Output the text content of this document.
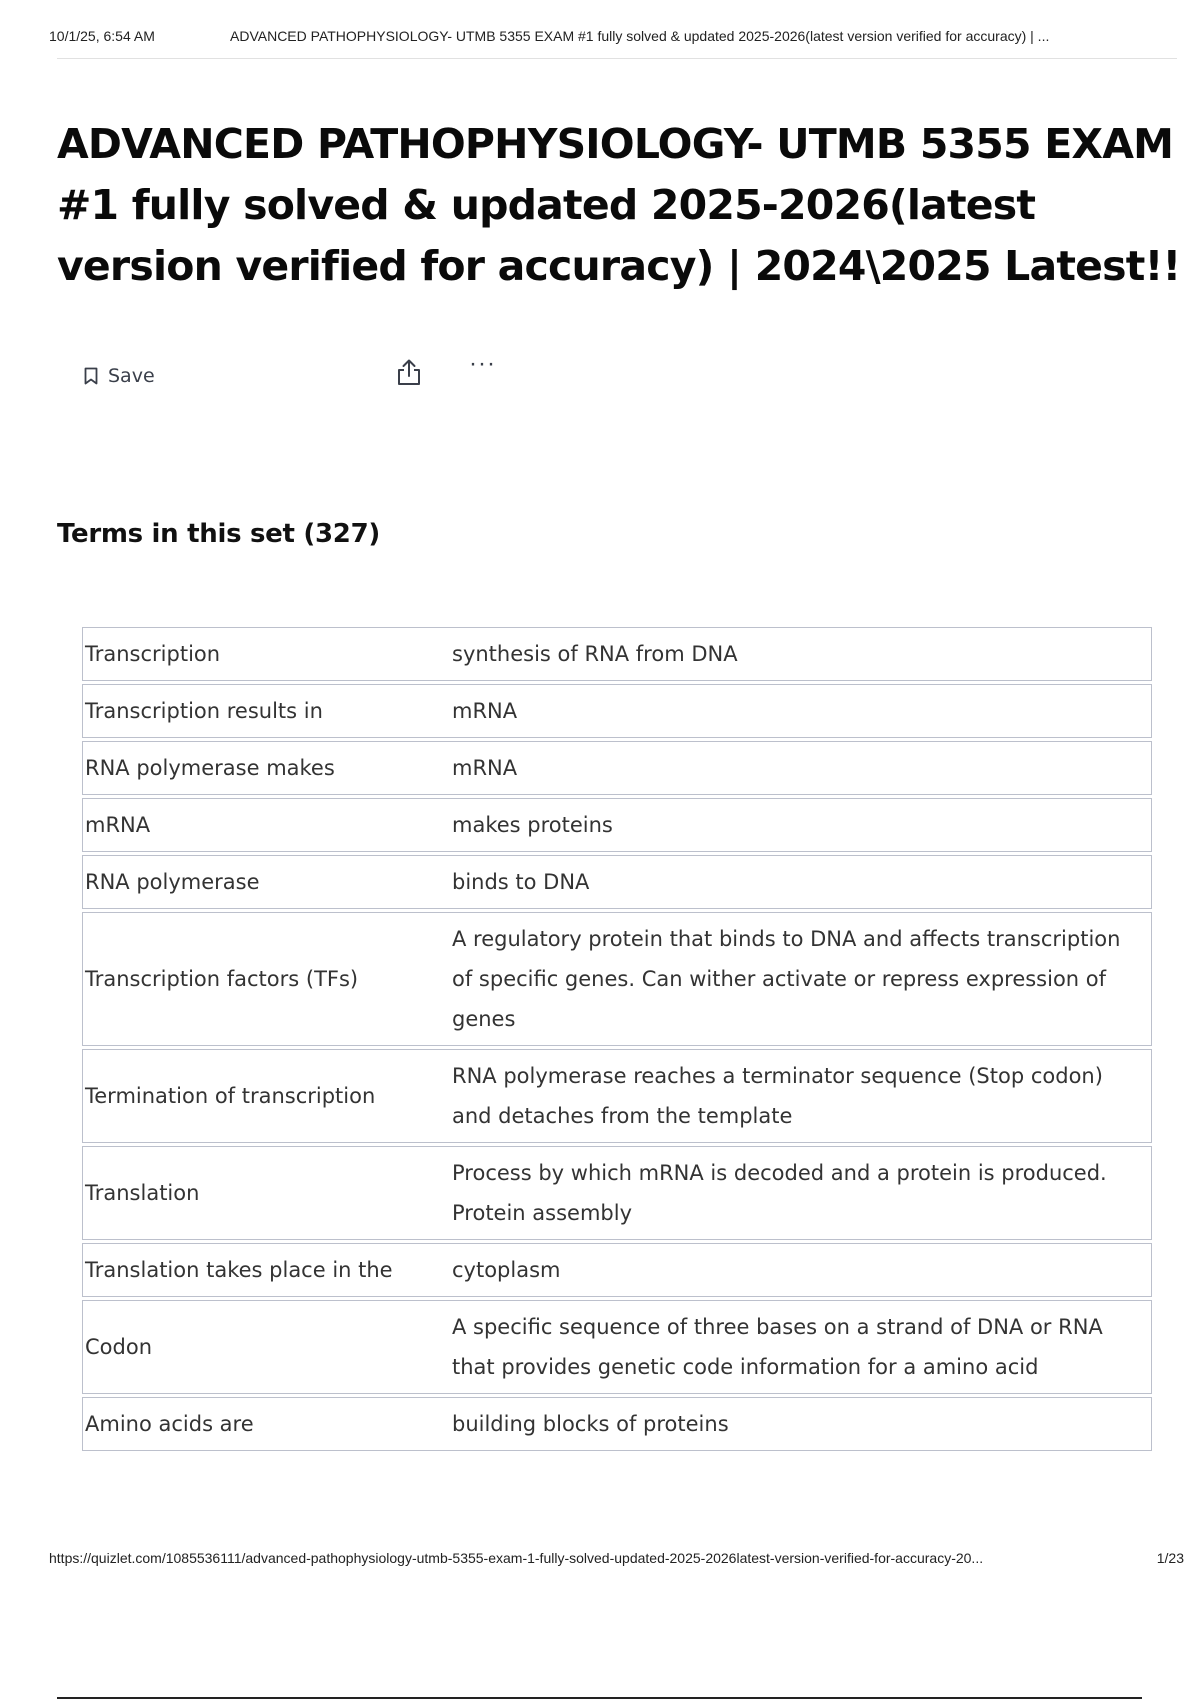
10/1/25, 6:54 AM	ADVANCED PATHOPHYSIOLOGY- UTMB 5355 EXAM #1 fully solved & updated 2025-2026(latest version verified for accuracy) | ...
ADVANCED PATHOPHYSIOLOGY- UTMB 5355 EXAM #1 fully solved & updated 2025-2026(latest version verified for accuracy) | 2024\2025 Latest!!
Save	···
Terms in this set (327)
Transcription	synthesis of RNA from DNA
Transcription results in	mRNA
RNA polymerase makes	mRNA
mRNA	makes proteins
RNA polymerase	binds to DNA
Transcription factors (TFs)	A regulatory protein that binds to DNA and affects transcription of specific genes. Can wither activate or repress expression of genes
Termination of transcription	RNA polymerase reaches a terminator sequence (Stop codon) and detaches from the template
Translation	Process by which mRNA is decoded and a protein is produced. Protein assembly
Translation takes place in the	cytoplasm
Codon	A specific sequence of three bases on a strand of DNA or RNA that provides genetic code information for a amino acid
Amino acids are	building blocks of proteins
https://quizlet.com/1085536111/advanced-pathophysiology-utmb-5355-exam-1-fully-solved-updated-2025-2026latest-version-verified-for-accuracy-20...	1/23
